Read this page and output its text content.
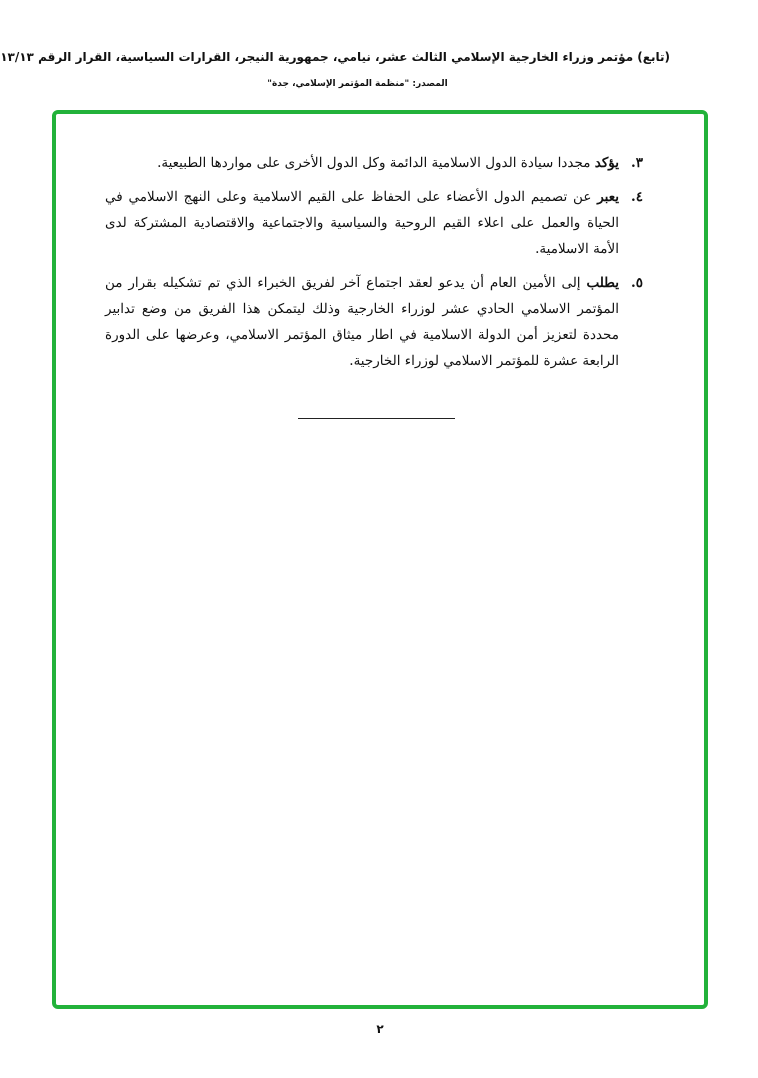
(تابع) مؤتمر وزراء الخارجية الإسلامي الثالث عشر، نيامي، جمهورية النيجر، القرارات السياسية، القرار الرقم ١٣/١٣
المصدر: "منظمة المؤتمر الإسلامي، جدة"
٣.
يؤكد مجددا سيادة الدول الاسلامية الدائمة وكل الدول الأخرى على مواردها الطبيعية.
٤.
يعبر عن تصميم الدول الأعضاء على الحفاظ على القيم الاسلامية وعلى النهج الاسلامي في الحياة والعمل على اعلاء القيم الروحية والسياسية والاجتماعية والاقتصادية المشتركة لدى الأمة الاسلامية.
٥.
يطلب إلى الأمين العام أن يدعو لعقد اجتماع آخر لفريق الخبراء الذي تم تشكيله بقرار من المؤتمر الاسلامي الحادي عشر لوزراء الخارجية وذلك ليتمكن هذا الفريق من وضع تدابير محددة لتعزيز أمن الدولة الاسلامية في اطار ميثاق المؤتمر الاسلامي، وعرضها على الدورة الرابعة عشرة للمؤتمر الاسلامي لوزراء الخارجية.
٢
